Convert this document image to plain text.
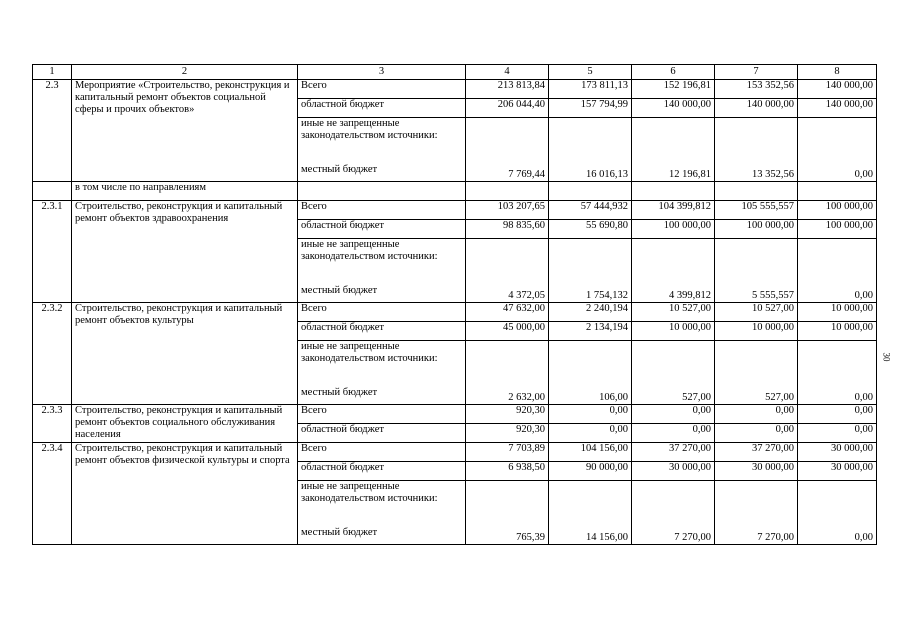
1	2	3	4	5	6	7	8
2.3	Мероприятие «Строительство, реконструкция и капитальный ремонт объектов социальной сферы и прочих объектов»	Всего	213 813,84	173 811,13	152 196,81	153 352,56	140 000,00
		областной бюджет	206 044,40	157 794,99	140 000,00	140 000,00	140 000,00
		иные не запрещенные законодательством источники:					
		местный бюджет	7 769,44	16 016,13	12 196,81	13 352,56	0,00
	в том числе по направлениям						
2.3.1	Строительство, реконструкция и капитальный ремонт объектов здравоохранения	Всего	103 207,65	57 444,932	104 399,812	105 555,557	100 000,00
		областной бюджет	98 835,60	55 690,80	100 000,00	100 000,00	100 000,00
		иные не запрещенные законодательством источники:					
		местный бюджет	4 372,05	1 754,132	4 399,812	5 555,557	0,00
2.3.2	Строительство, реконструкция и капитальный ремонт объектов культуры	Всего	47 632,00	2 240,194	10 527,00	10 527,00	10 000,00
		областной бюджет	45 000,00	2 134,194	10 000,00	10 000,00	10 000,00
		иные не запрещенные законодательством источники:					
		местный бюджет	2 632,00	106,00	527,00	527,00	0,00
2.3.3	Строительство, реконструкция и капитальный ремонт объектов социального обслуживания населения	Всего	920,30	0,00	0,00	0,00	0,00
		областной бюджет	920,30	0,00	0,00	0,00	0,00
2.3.4	Строительство, реконструкция и капитальный ремонт объектов физической культуры и спорта	Всего	7 703,89	104 156,00	37 270,00	37 270,00	30 000,00
		областной бюджет	6 938,50	90 000,00	30 000,00	30 000,00	30 000,00
		иные не запрещенные законодательством источники:					
		местный бюджет	765,39	14 156,00	7 270,00	7 270,00	0,00
30
